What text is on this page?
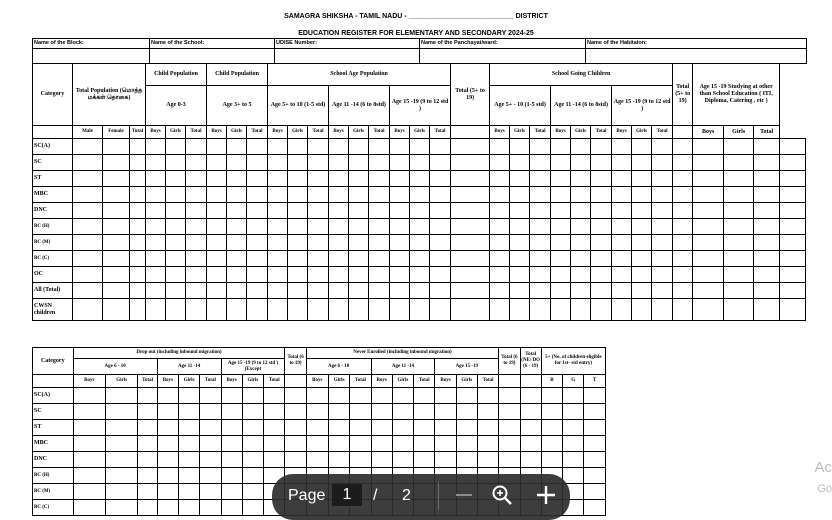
SAMAGRA SHIKSHA - TAMIL NADU - ___________________________ DISTRICT
EDUCATION REGISTER FOR ELEMENTARY AND SECONDARY 2024-25
Name of the Block:	Name of the School:	UDISE Number:	Name of the Panchayat/ward:	Name of the Habitaion:

Category	Total Population (மொத்த மக்கள் தொகை)			Child Population			Child Population			School Age Population									Total (5+ to 19)	School Going Children									Total (5+ to 19)	Age 15 -19 Studying at other than School Education ( ITI, Diploma, Catering , etc )			
				Age 0-3			Age 3+ to 5			Age 5+ to 10 (1-5 std)			Age 11 -14 (6 to 8std)			Age 15 -19 (9 to 12 std )				Age 5+ - 10 (1-5 std)			Age 11 -14 (6 to 8std)			Age 15 -19 (9 to 12 std )							
	Male	Female	Total	Boys	Girls	Total	Boys	Girls	Total	Boys	Girls	Total	Boys	Girls	Total	Boys	Girls	Total		Boys	Girls	Total	Boys	Girls	Total	Boys	Girls	Total		Boys	Girls	Total	
SC(A)																																	
SC																																	
ST																																	
MBC																																	
DNC																																	
BC (H)																																	
BC (M)																																	
BC (C)																																	
OC																																	
All (Total)																																	
CWSN children																																	
Category	Drop out (including inbound migration)									Total (6 to 19)	Never Enrolled (including inbound migration)									Total (6 to 19)	Total (NE/ DO (6 - 19)	5+ (No. of children eligible for 1st- std entry)		
	Age 6 - 10			Age 11 -14			Age 15 -19 (9 to 12 std )(Except				Age 6 - 10			Age 11 -14			Age 15 -19							
	Boys	Girls	Total	Boys	Girls	Total	Boys	Girls	Total		Boys	Girls	Total	Boys	Girls	Total	Boys	Girls	Total			B	G	T
SC(A)																								
SC																								
ST																								
MBC																								
DNC																								
BC (H)																								
BC (M)																								
BC (C)																								
Page	1	/ 2
Ac
Go
